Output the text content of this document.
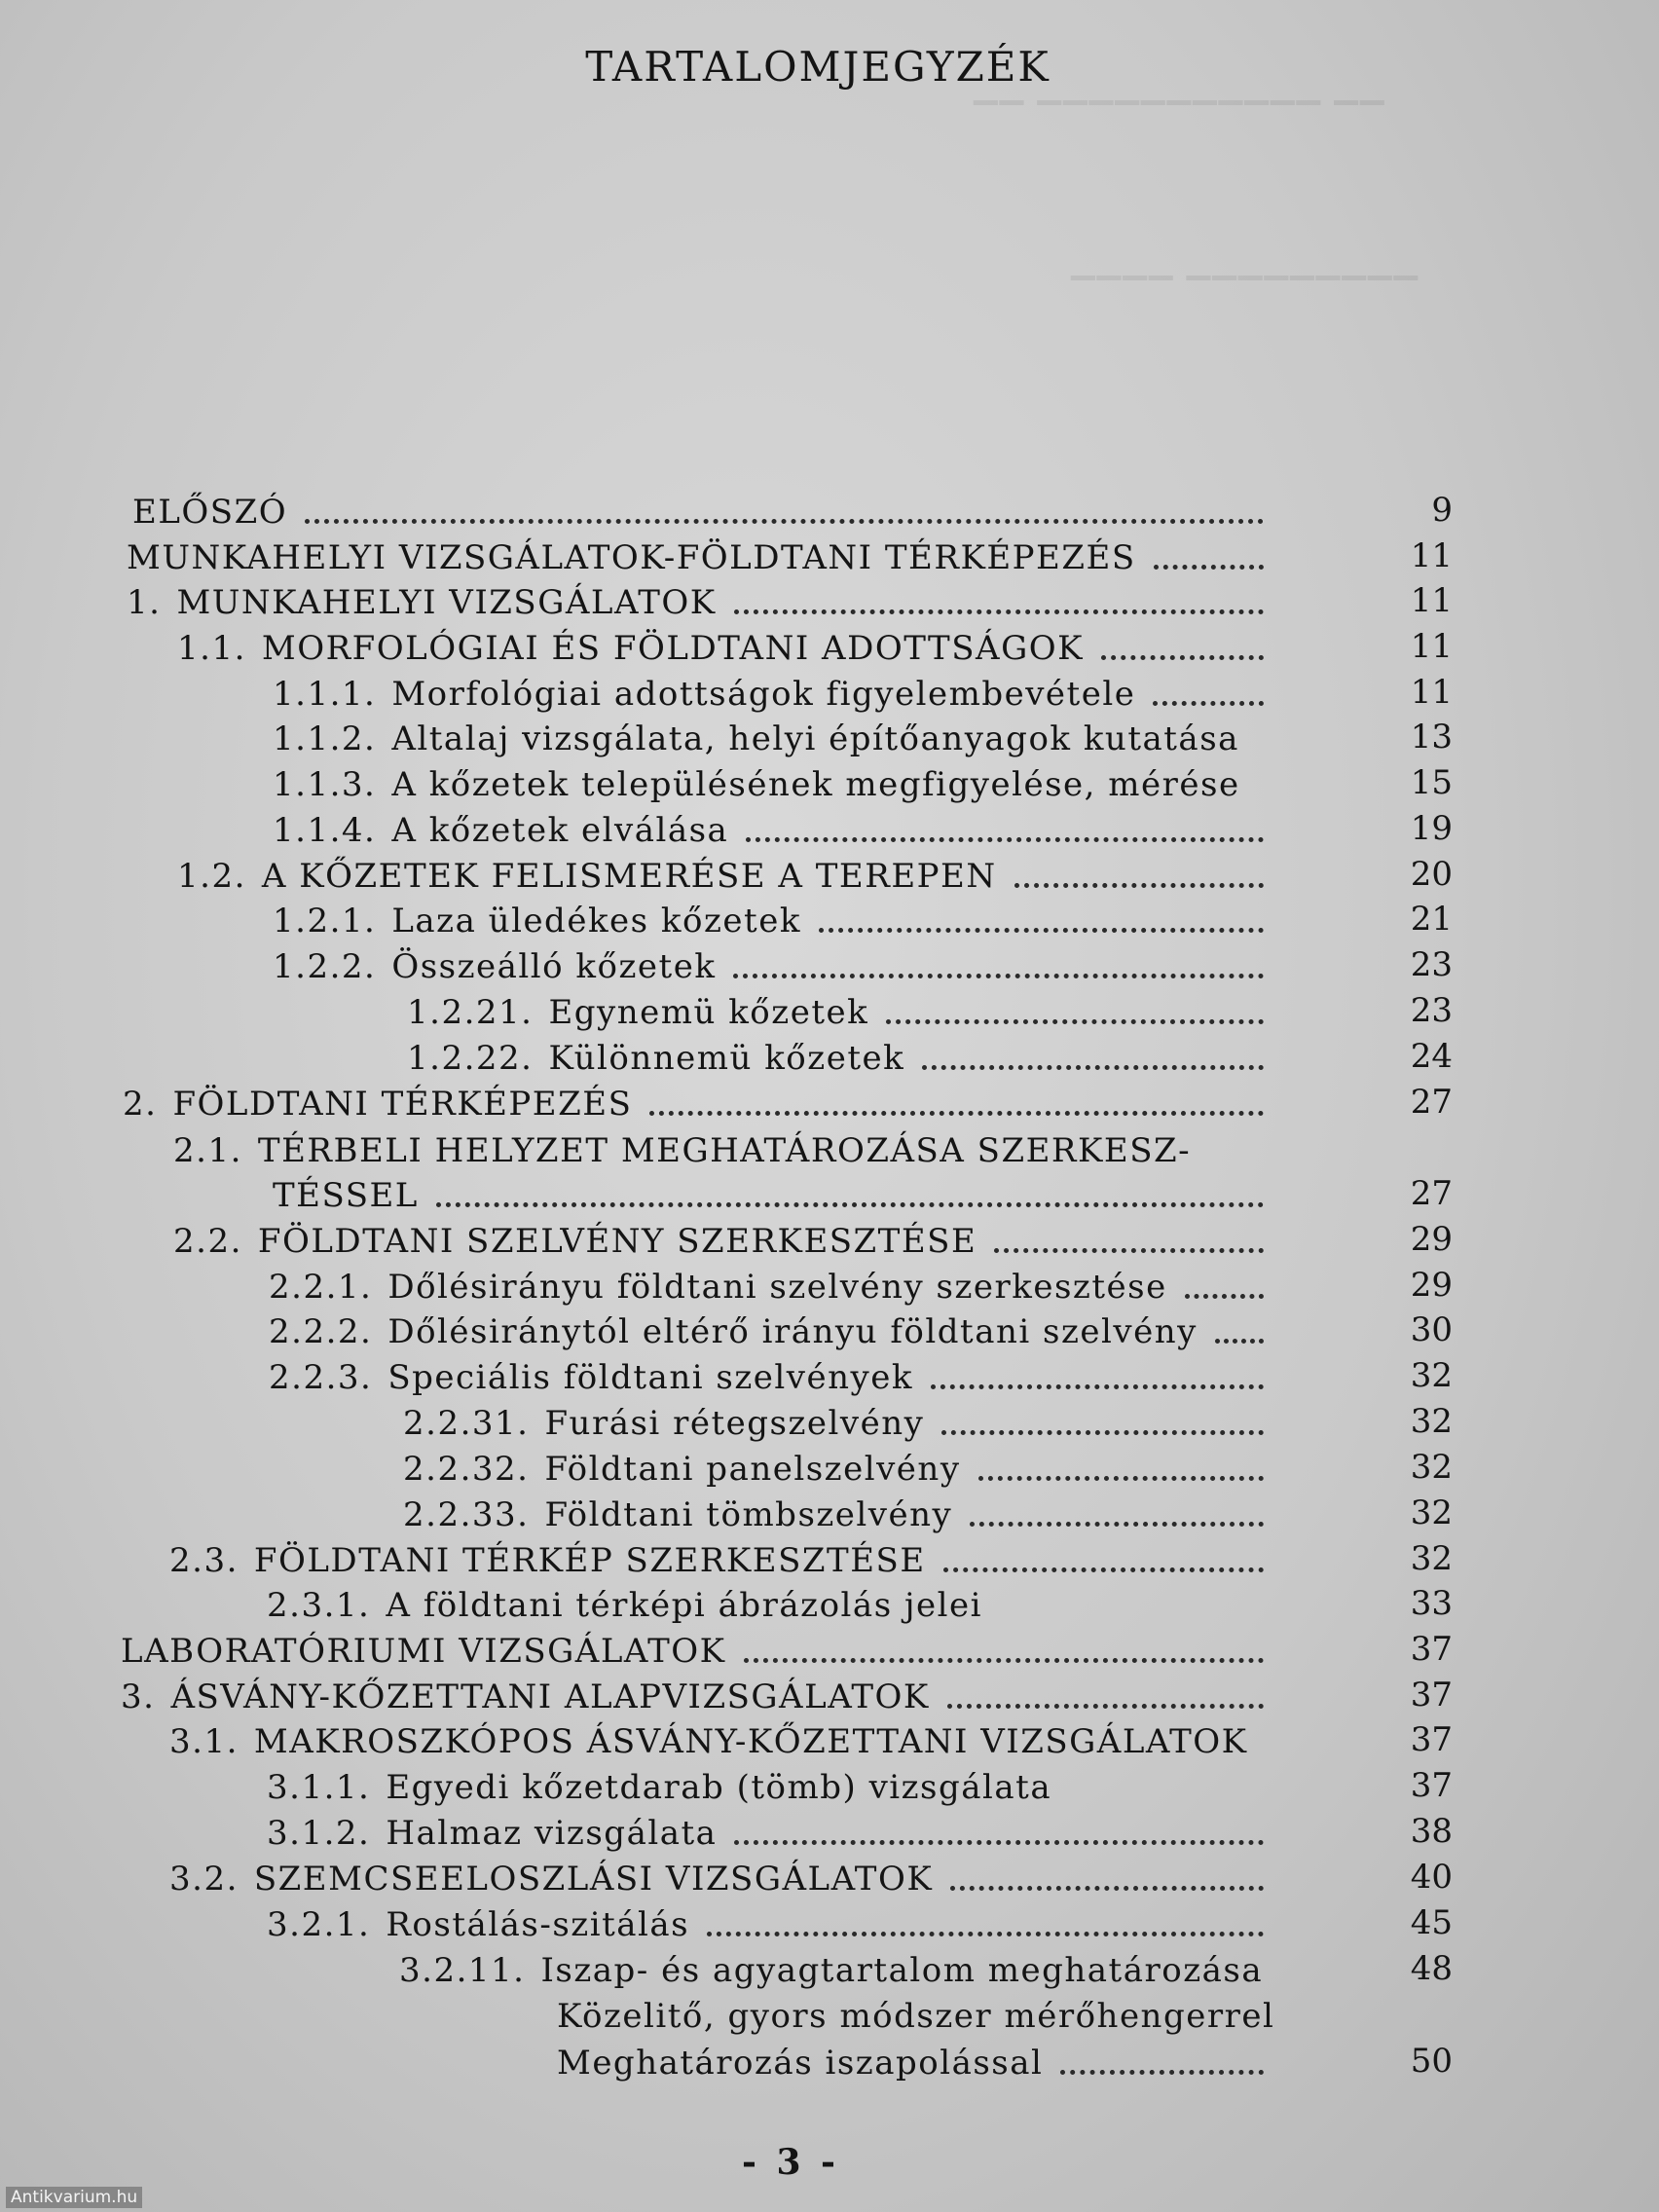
TARTALOMJEGYZÉK
▁▁ ▁▁▁▁▁▁▁▁▁▁▁ ▁▁
▁▁▁▁ ▁▁▁▁▁▁▁▁▁
ELŐSZÓ	9
MUNKAHELYI VIZSGÁLATOK-FÖLDTANI TÉRKÉPEZÉS	11
1. MUNKAHELYI VIZSGÁLATOK	11
1.1. MORFOLÓGIAI ÉS FÖLDTANI ADOTTSÁGOK	11
1.1.1. Morfológiai adottságok figyelembevétele	11
1.1.2. Altalaj vizsgálata, helyi építőanyagok kutatása	13
1.1.3. A kőzetek településének megfigyelése, mérése	15
1.1.4. A kőzetek elválása	19
1.2. A KŐZETEK FELISMERÉSE A TEREPEN	20
1.2.1. Laza üledékes kőzetek	21
1.2.2. Összeálló kőzetek	23
1.2.21. Egynemü kőzetek	23
1.2.22. Különnemü kőzetek	24
2. FÖLDTANI TÉRKÉPEZÉS	27
2.1. TÉRBELI HELYZET MEGHATÁROZÁSA SZERKESZ-
TÉSSEL	27
2.2. FÖLDTANI SZELVÉNY SZERKESZTÉSE	29
2.2.1. Dőlésirányu földtani szelvény szerkesztése	29
2.2.2. Dőlésiránytól eltérő irányu földtani szelvény	30
2.2.3. Speciális földtani szelvények	32
2.2.31. Furási rétegszelvény	32
2.2.32. Földtani panelszelvény	32
2.2.33. Földtani tömbszelvény	32
2.3. FÖLDTANI TÉRKÉP SZERKESZTÉSE	32
2.3.1. A földtani térképi ábrázolás jelei	33
LABORATÓRIUMI VIZSGÁLATOK	37
3. ÁSVÁNY-KŐZETTANI ALAPVIZSGÁLATOK	37
3.1. MAKROSZKÓPOS ÁSVÁNY-KŐZETTANI VIZSGÁLATOK	37
3.1.1. Egyedi kőzetdarab (tömb) vizsgálata	37
3.1.2. Halmaz vizsgálata	38
3.2. SZEMCSEELOSZLÁSI VIZSGÁLATOK	40
3.2.1. Rostálás-szitálás	45
3.2.11. Iszap- és agyagtartalom meghatározása	48
Közelitő, gyors módszer mérőhengerrel
Meghatározás iszapolással	50
- 3 -
Antikvarium.hu
